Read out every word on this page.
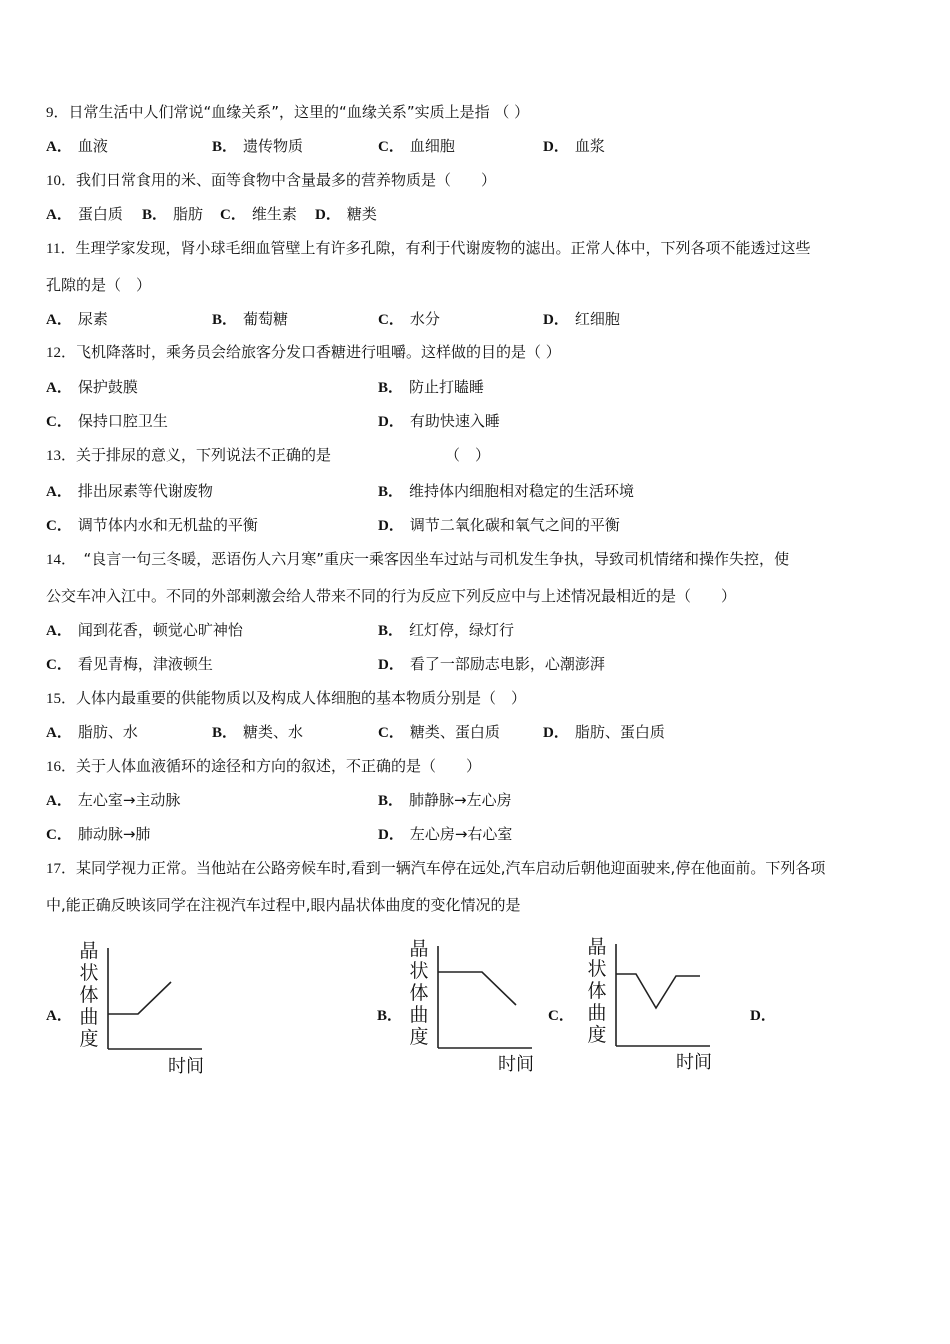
9．日常生活中人们常说“血缘关系”，这里的“血缘关系”实质上是指 （ ）
A． 血液	B． 遗传物质	C． 血细胞	D． 血浆
10．我们日常食用的米、面等食物中含量最多的营养物质是（　　）
A． 蛋白质 B． 脂肪 C． 维生素 D． 糖类
11．生理学家发现，肾小球毛细血管壁上有许多孔隙，有利于代谢废物的滤出。正常人体中，下列各项不能透过这些
孔隙的是（　）
A． 尿素	B． 葡萄糖	C． 水分	D． 红细胞
12．飞机降落时，乘务员会给旅客分发口香糖进行咀嚼。这样做的目的是（ ）
A． 保护鼓膜	B． 防止打瞌睡
C． 保持口腔卫生	D． 有助快速入睡
13．关于排尿的意义，下列说法不正确的是	（　）
A． 排出尿素等代谢废物	B． 维持体内细胞相对稳定的生活环境
C． 调节体内水和无机盐的平衡	D． 调节二氧化碳和氧气之间的平衡
14．　“良言一句三冬暖，恶语伤人六月寒”重庆一乘客因坐车过站与司机发生争执，导致司机情绪和操作失控，使
公交车冲入江中。不同的外部刺激会给人带来不同的行为反应下列反应中与上述情况最相近的是（　　）
A． 闻到花香，顿觉心旷神怡	B． 红灯停，绿灯行
C． 看见青梅，津液顿生	D． 看了一部励志电影，心潮澎湃
15．人体内最重要的供能物质以及构成人体细胞的基本物质分别是（　）
A． 脂肪、水	B． 糖类、水	C． 糖类、蛋白质	D． 脂肪、蛋白质
16．关于人体血液循环的途径和方向的叙述，不正确的是（　　）
A． 左心室→主动脉	B． 肺静脉→左心房
C． 肺动脉→肺	D． 左心房→右心室
17．某同学视力正常。当他站在公路旁候车时,看到一辆汽车停在远处,汽车启动后朝他迎面驶来,停在他面前。下列各项
中,能正确反映该同学在注视汽车过程中,眼内晶状体曲度的变化情况的是
A．	B．	C．	D．
晶
状
体
曲
度
时间
晶
状
体
曲
度
时间
晶
状
体
曲
度
时间
